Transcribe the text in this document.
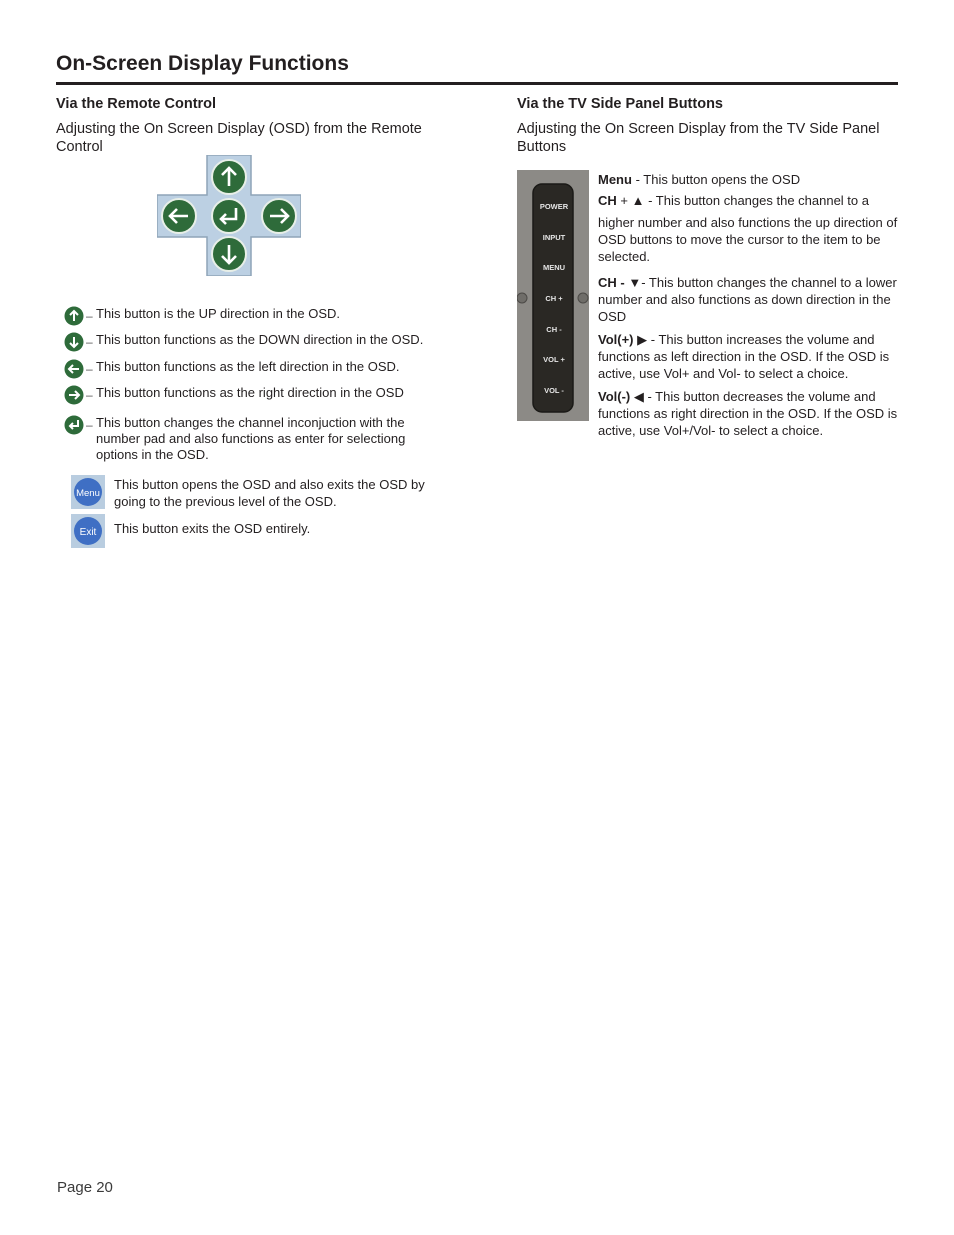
On-Screen Display Functions
Via the Remote Control

Adjusting the On Screen Display (OSD) from the Remote Control

– This button is the UP direction in the OSD.
– This button functions as the DOWN direction in the OSD.
– This button functions as the left direction in the OSD.
– This button functions as the right direction in the OSD
– This button changes the channel inconjuction with the number pad and also functions as enter for selectiong options in the OSD.
Menu
This button opens the OSD and also exits the OSD by going to the previous level of the OSD.
Exit This button exits the OSD entirely.
Via the TV Side Panel Buttons

Adjusting the On Screen Display from the TV Side Panel Buttons

POWER
INPUT
MENU
CH +
CH -
VOL +
VOL -
Menu - This button opens the OSD
CH + ▲ - This button changes the channel to a
higher number and also functions the up direction of OSD buttons to move the cursor to the item to be selected.
CH - ▼- This button changes the channel to a lower number and also functions as down direction in the OSD
Vol(+) ▶ - This button increases the volume and functions as left direction in the OSD. If the OSD is active, use Vol+ and Vol- to select a choice.
Vol(-) ◀ - This button decreases the volume and functions as right direction in the OSD. If the OSD is active, use Vol+/Vol- to select a choice.
Page 20
